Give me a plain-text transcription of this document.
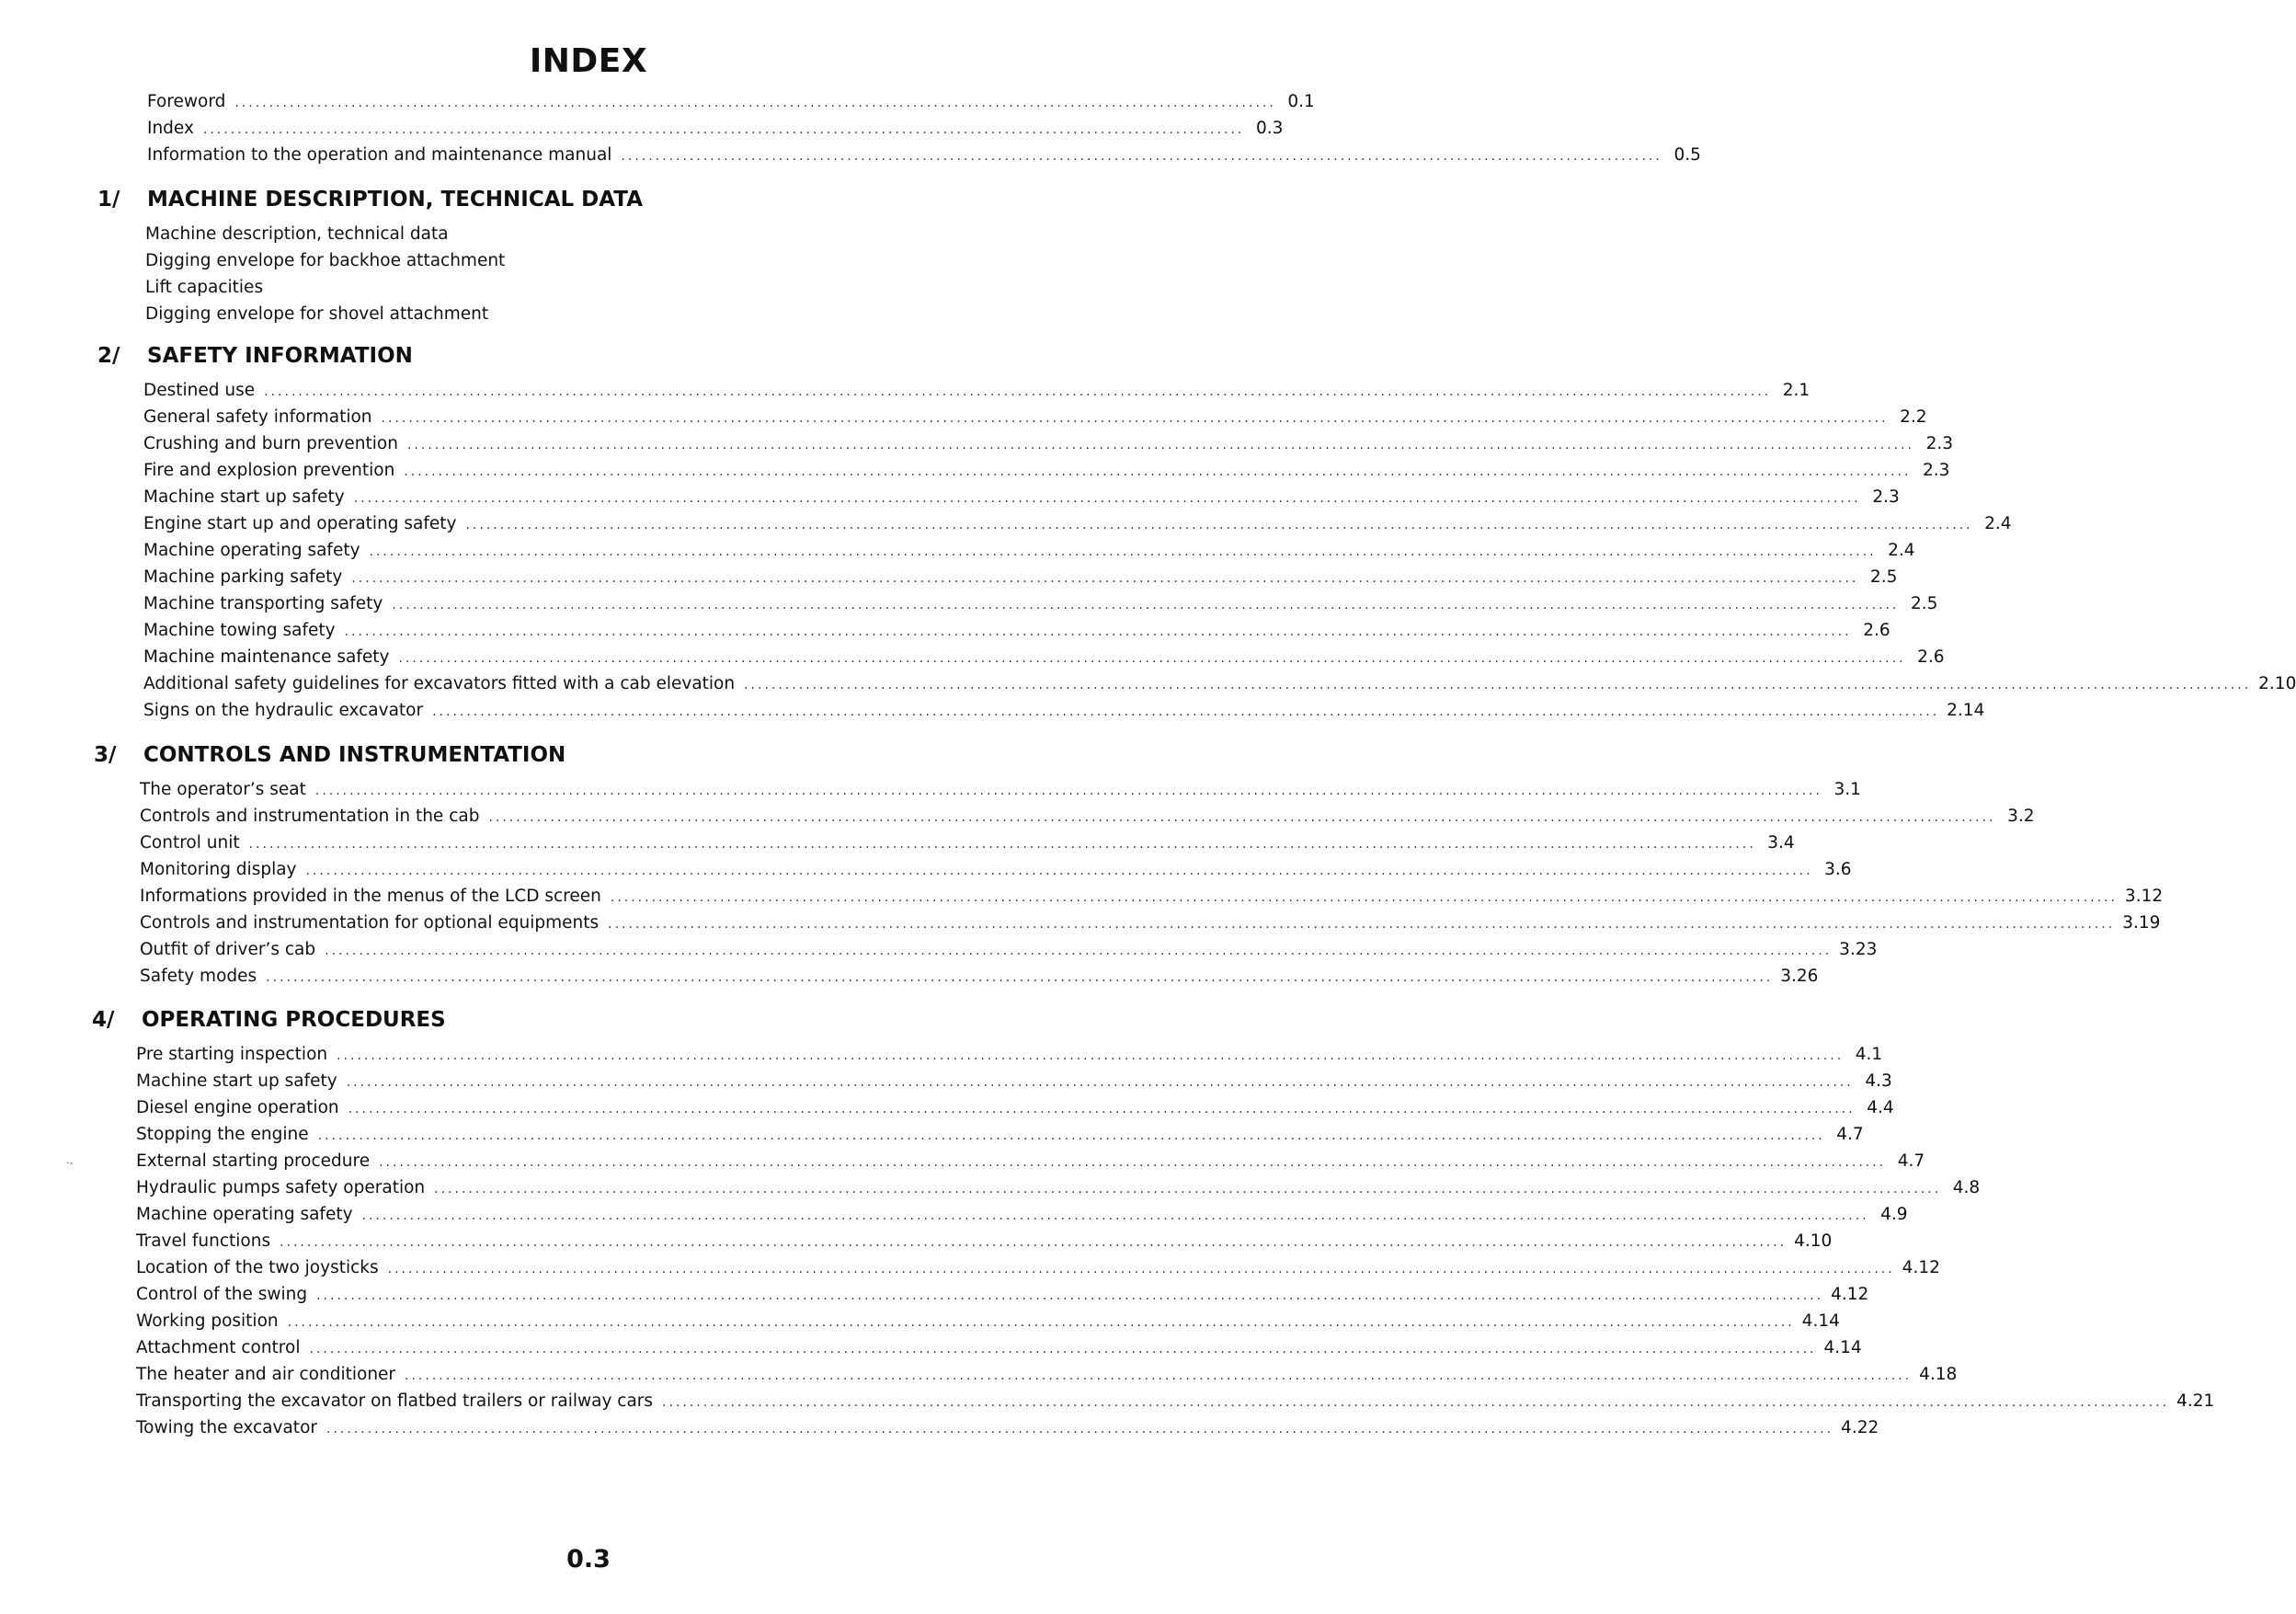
INDEX
Foreword ........................................................................................................................................................ 0.1
Index ........................................................................................................................................................ 0.3
Information to the operation and maintenance manual ........................................................................................................................................................ 0.5
1/	MACHINE DESCRIPTION, TECHNICAL DATA
Machine description, technical data
Digging envelope for backhoe attachment
Lift capacities
Digging envelope for shovel attachment
2/	SAFETY INFORMATION
Destined use ............................................................................................................................................................................................................................ 2.1
General safety information ............................................................................................................................................................................................................................ 2.2
Crushing and burn prevention ............................................................................................................................................................................................................................ 2.3
Fire and explosion prevention ............................................................................................................................................................................................................................ 2.3
Machine start up safety ............................................................................................................................................................................................................................ 2.3
Engine start up and operating safety ............................................................................................................................................................................................................................ 2.4
Machine operating safety ............................................................................................................................................................................................................................ 2.4
Machine parking safety ............................................................................................................................................................................................................................ 2.5
Machine transporting safety ............................................................................................................................................................................................................................ 2.5
Machine towing safety ............................................................................................................................................................................................................................ 2.6
Machine maintenance safety ............................................................................................................................................................................................................................ 2.6
Additional safety guidelines for excavators fitted with a cab elevation ............................................................................................................................................................................................................................ 2.10
Signs on the hydraulic excavator ............................................................................................................................................................................................................................ 2.14
3/	CONTROLS AND INSTRUMENTATION
The operator’s seat ............................................................................................................................................................................................................................ 3.1
Controls and instrumentation in the cab ............................................................................................................................................................................................................................ 3.2
Control unit ............................................................................................................................................................................................................................ 3.4
Monitoring display ............................................................................................................................................................................................................................ 3.6
Informations provided in the menus of the LCD screen ............................................................................................................................................................................................................................ 3.12
Controls and instrumentation for optional equipments ............................................................................................................................................................................................................................ 3.19
Outfit of driver’s cab ............................................................................................................................................................................................................................ 3.23
Safety modes ............................................................................................................................................................................................................................ 3.26
4/	OPERATING PROCEDURES
Pre starting inspection ............................................................................................................................................................................................................................ 4.1
Machine start up safety ............................................................................................................................................................................................................................ 4.3
Diesel engine operation ............................................................................................................................................................................................................................ 4.4
Stopping the engine ............................................................................................................................................................................................................................ 4.7
External starting procedure ............................................................................................................................................................................................................................ 4.7
Hydraulic pumps safety operation ............................................................................................................................................................................................................................ 4.8
Machine operating safety ............................................................................................................................................................................................................................ 4.9
Travel functions ............................................................................................................................................................................................................................ 4.10
Location of the two joysticks ............................................................................................................................................................................................................................ 4.12
Control of the swing ............................................................................................................................................................................................................................ 4.12
Working position ............................................................................................................................................................................................................................ 4.14
Attachment control ............................................................................................................................................................................................................................ 4.14
The heater and air conditioner ............................................................................................................................................................................................................................ 4.18
Transporting the excavator on flatbed trailers or railway cars ............................................................................................................................................................................................................................ 4.21
Towing the excavator ............................................................................................................................................................................................................................ 4.22
·-
0.3
